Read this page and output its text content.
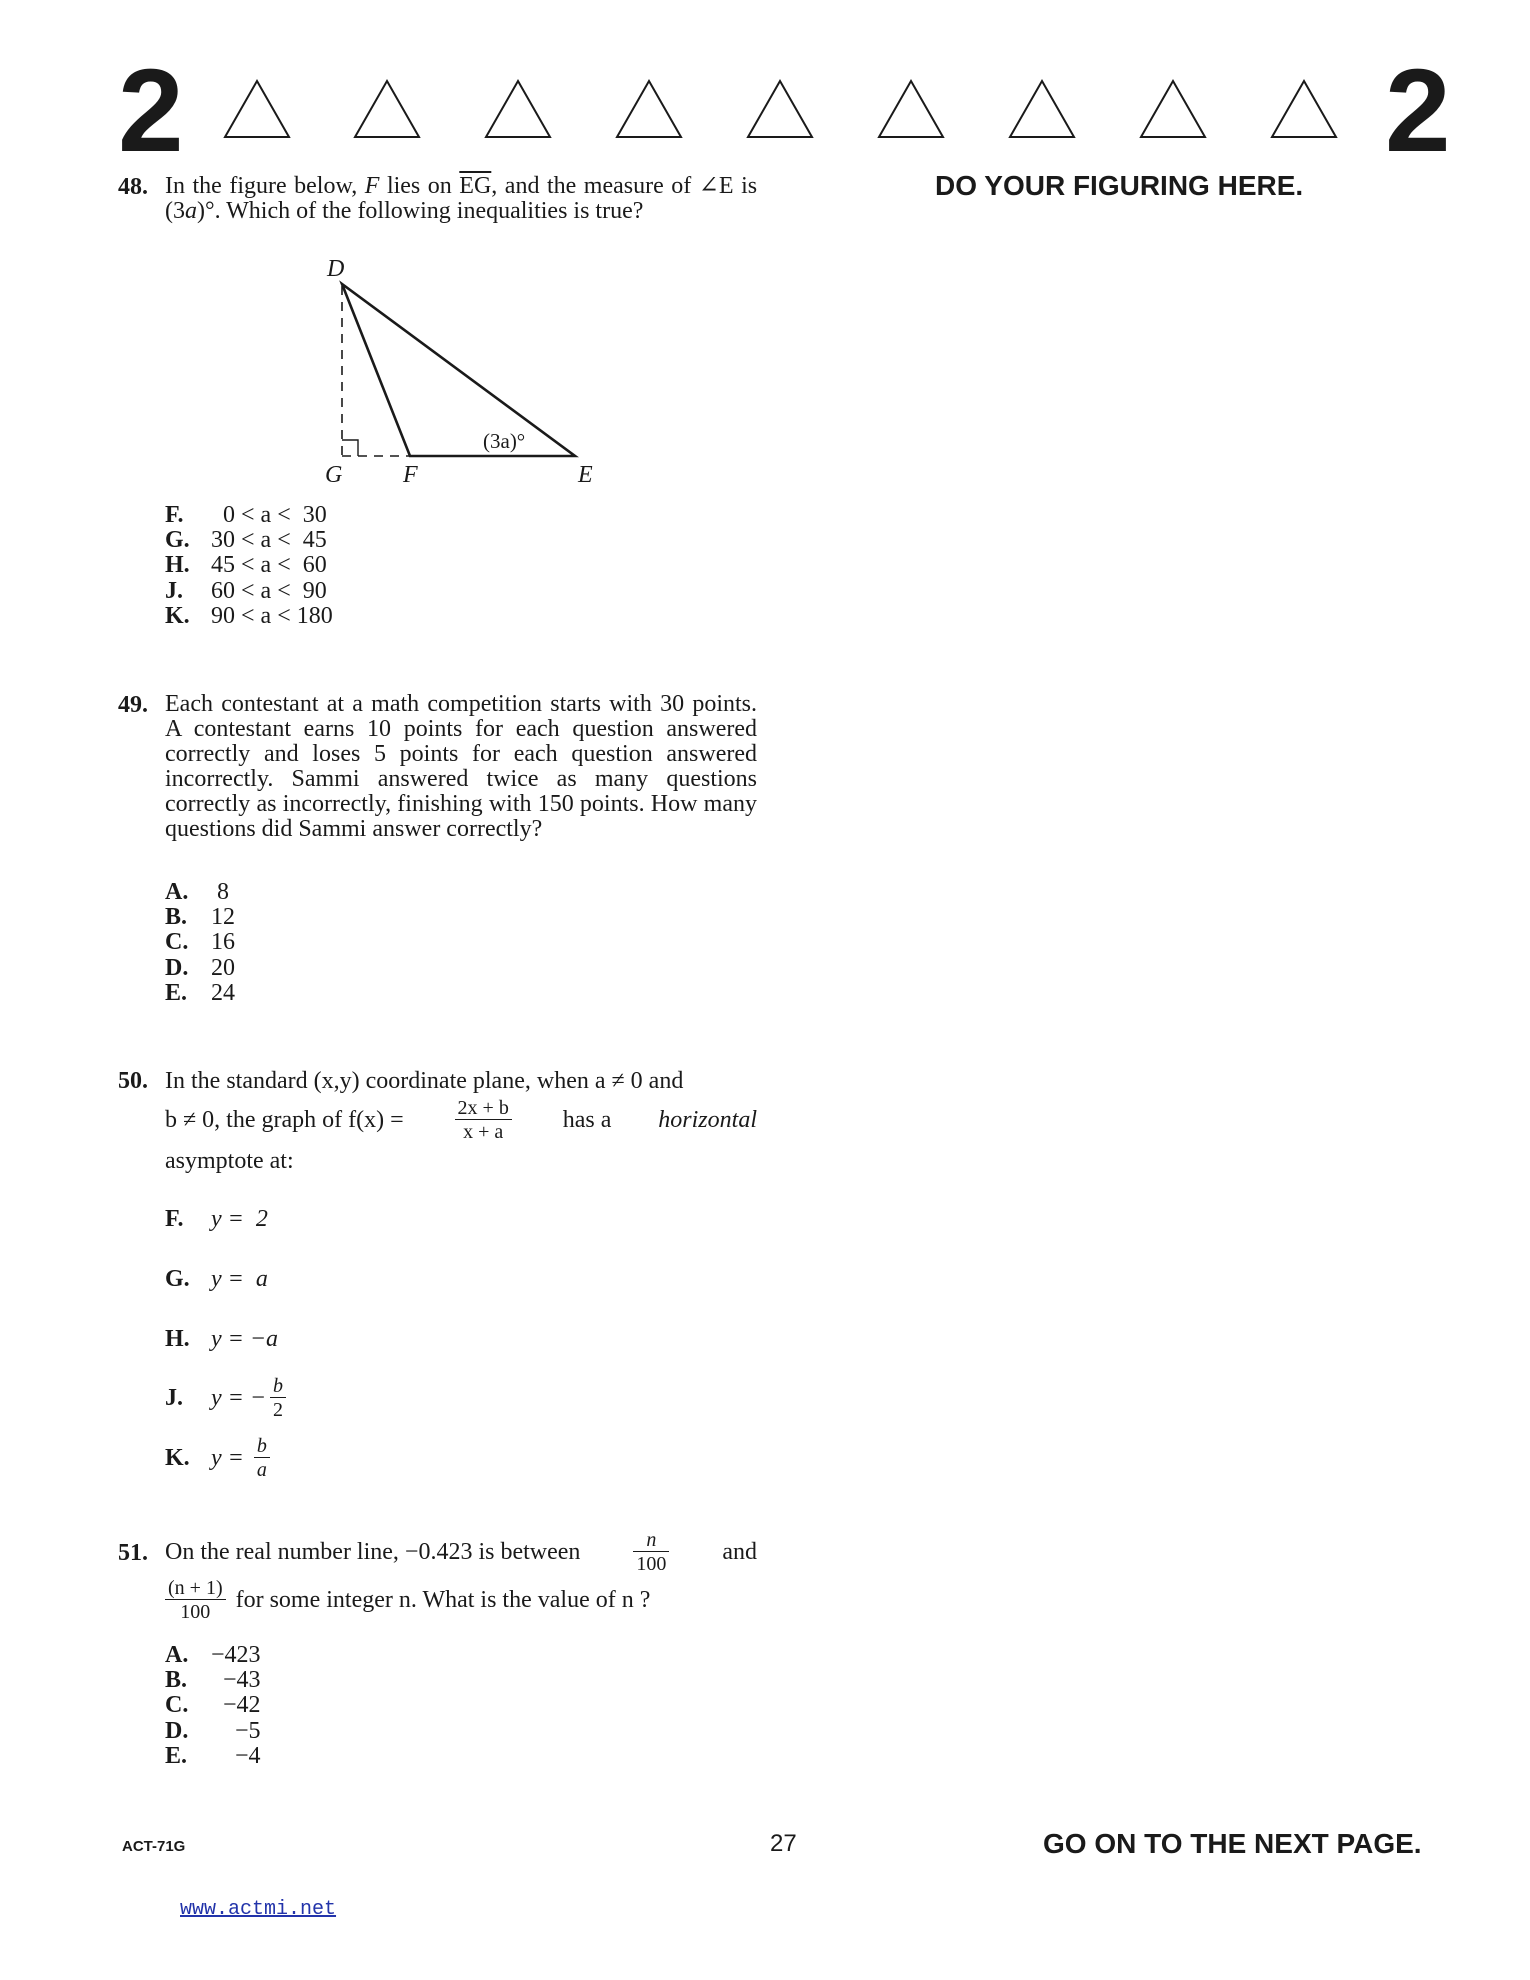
2	2
DO YOUR FIGURING HERE.
48. In the figure below, F lies on $\overline{EG}$, and the measure of ∠E is (3a)°. Which of the following inequalities is true?
D
G	F	E
(3a)°
F.	0 < a <  30
G. 30 < a <  45
H. 45 < a <  60
J.	60 < a <  90
K. 90 < a < 180
49. Each contestant at a math competition starts with 30 points. A contestant earns 10 points for each question answered correctly and loses 5 points for each question answered incorrectly. Sammi answered twice as many questions correctly as incorrectly, finishing with 150 points. How many questions did Sammi answer correctly?
A. 8
B. 12
C. 16
D. 20
E. 24
50. In the standard (x,y) coordinate plane, when a ≠ 0 and
b ≠ 0, the graph of f(x) =	$\frac{2x + b}{x + a}$ has a horizontal
asymptote at:
F.	y = 2
G. y = a
H. y = −a
J.	y = − $\frac{b}{2}$
K. $y = \frac{b}{a}$
51. On the real number line, −0.423 is between	$\frac{n}{100}$ and
$\frac{(n + 1)}{100}$ for some integer n. What is the value of n ?
A. −423
B. −43
C. −42
D. −5
E. −4
ACT-71G	27	GO ON TO THE NEXT PAGE.
www.actmi.net
